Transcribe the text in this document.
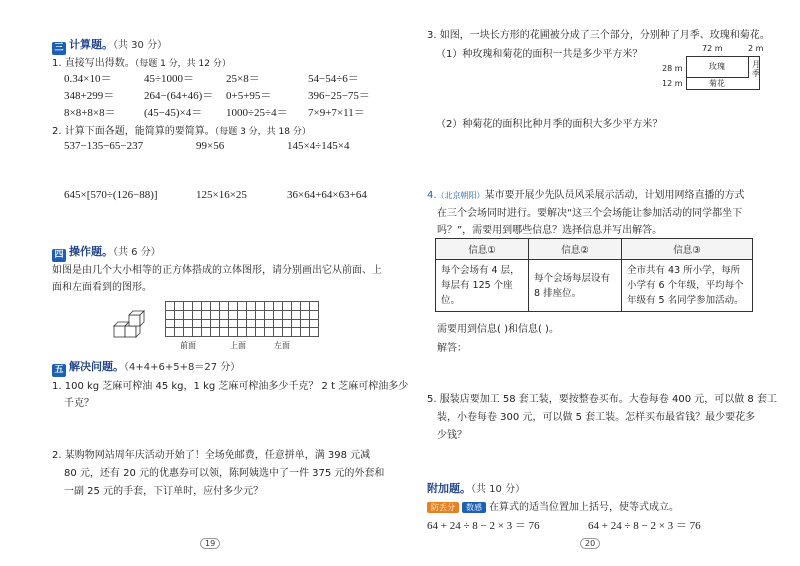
三 计算题。（共 30 分）
1. 直接写出得数。（每题 1 分，共 12 分）
0.34×10＝	45÷1000＝	25×8＝	54−54÷6＝
348+299＝	264−(64+46)＝ 0+5+95＝	396−25−75＝
8×8+8×8＝	(45−45)×4＝ 1000÷25÷4＝ 7×9+7×11＝
2. 计算下面各题，能简算的要简算。（每题 3 分，共 18 分）
537−135−65−237	99×56	145×4÷145×4
645×[570÷(126−88)]	125×16×25	36×64+64×63+64
四 操作题。（共 6 分）
如图是由几个大小相等的正方体搭成的立体图形，请分别画出它从前面、上
面和左面看到的图形。
前面	上面	左面
五 解决问题。（4+4+6+5+8＝27 分）
1. 100 kg 芝麻可榨油 45 kg，1 kg 芝麻可榨油多少千克？ 2 t 芝麻可榨油多少
千克？
2. 某购物网站周年庆活动开始了！全场免邮费，任意拼单，满 398 元减
80 元，还有 20 元的优惠券可以领，陈阿姨选中了一件 375 元的外套和
一副 25 元的手套，下订单时，应付多少元？
19
3. 如图，一块长方形的花圃被分成了三个部分，分别种了月季、玫瑰和菊花。
（1）种玫瑰和菊花的面积一共是多少平方米？
72 m	2 m
28 m
12 m
玫瑰
菊花
月季
（2）种菊花的面积比种月季的面积大多少平方米？
4.（北京朝阳）某市要开展少先队员风采展示活动，计划用网络直播的方式
在三个会场同时进行。要解决“这三个会场能让参加活动的同学都坐下
吗？”，需要用到哪些信息？选择信息并写出解答。
信息①	信息②	信息③
每个会场有 4 层，每层有 125 个座位。	每个会场每层设有 8 排座位。	全市共有 43 所小学，每所小学有 6 个年级，平均每个年级有 5 名同学参加活动。
需要用到信息( )和信息( )。
解答：
5. 服装店要加工 58 套工装，要按整卷买布。大卷每卷 400 元，可以做 8 套工
装，小卷每卷 300 元，可以做 5 套工装。怎样买布最省钱？最少要花多
少钱？
附加题。（共 10 分）
防丢分 数感 在算式的适当位置加上括号，使等式成立。
64 + 24 ÷ 8 − 2 × 3 ＝ 76	64 + 24 ÷ 8 − 2 × 3 ＝ 76
20
